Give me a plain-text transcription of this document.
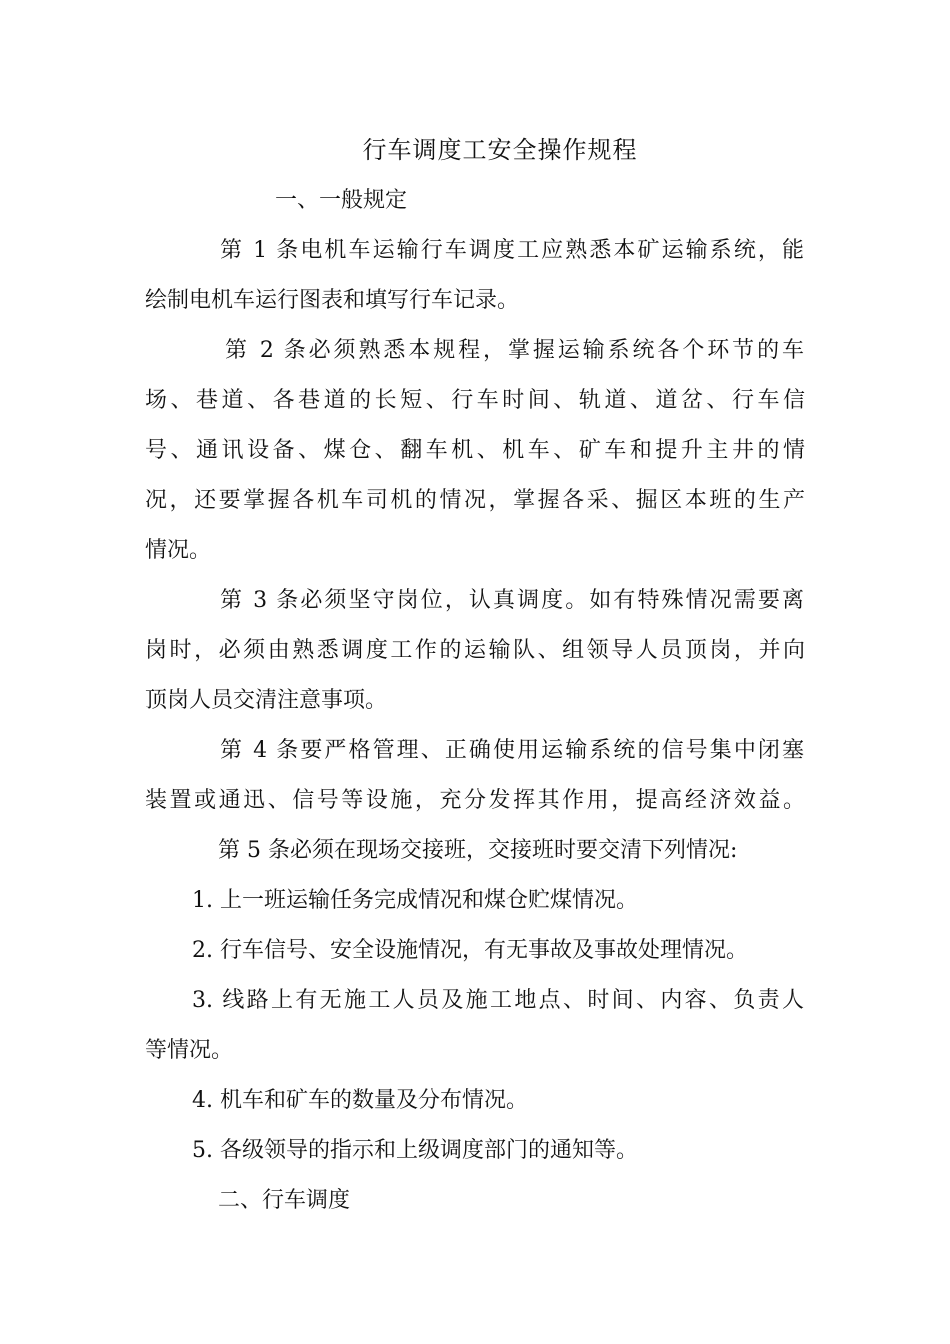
行车调度工安全操作规程
一、一般规定
第 1 条电机车运输行车调度工应熟悉本矿运输系统，能
绘制电机车运行图表和填写行车记录。
第 2 条必须熟悉本规程，掌握运输系统各个环节的车
场、巷道、各巷道的长短、行车时间、轨道、道岔、行车信
号、通讯设备、煤仓、翻车机、机车、矿车和提升主井的情
况，还要掌握各机车司机的情况，掌握各采、掘区本班的生产
情况。
第 3 条必须坚守岗位，认真调度。如有特殊情况需要离
岗时，必须由熟悉调度工作的运输队、组领导人员顶岗，并向
顶岗人员交清注意事项。
第 4 条要严格管理、正确使用运输系统的信号集中闭塞
装置或通迅、信号等设施，充分发挥其作用，提高经济效益。
第 5 条必须在现场交接班，交接班时要交清下列情况:
1. 上一班运输任务完成情况和煤仓贮煤情况。
2. 行车信号、安全设施情况，有无事故及事故处理情况。
3. 线路上有无施工人员及施工地点、时间、内容、负责人
等情况。
4. 机车和矿车的数量及分布情况。
5. 各级领导的指示和上级调度部门的通知等。
二、行车调度
